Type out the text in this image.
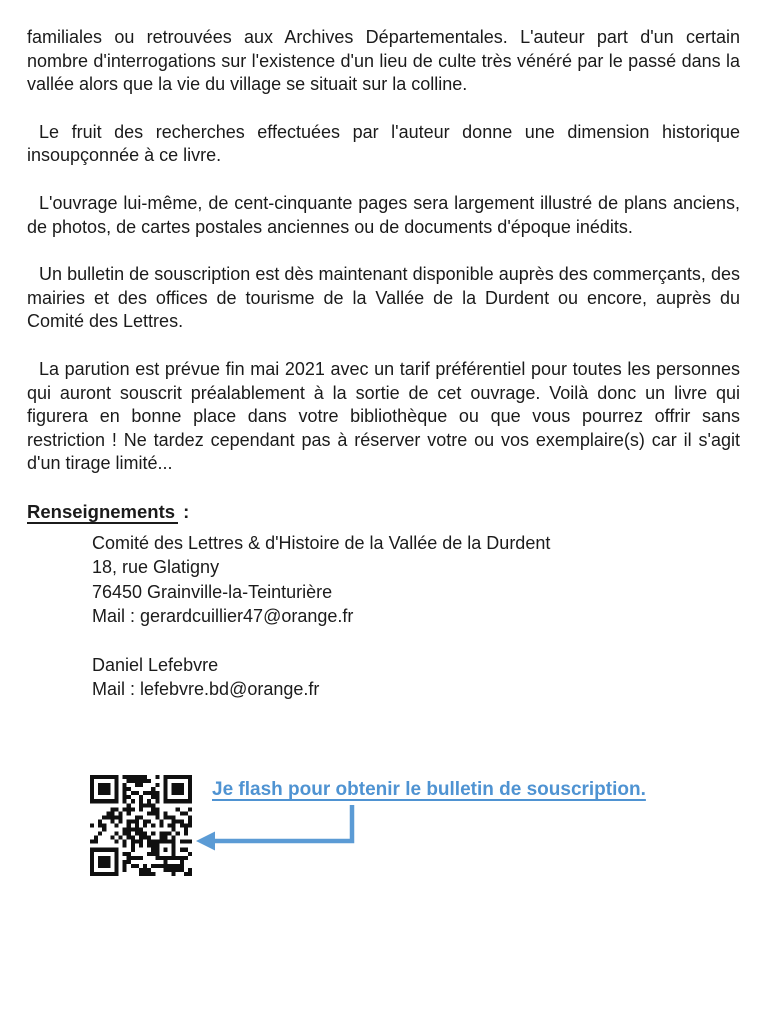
familiales ou retrouvées aux Archives Départementales. L'auteur part d'un certain nombre d'interrogations sur l'existence d'un lieu de culte très vénéré par le passé dans la vallée alors que la vie du village se situait sur la colline.

Le fruit des recherches effectuées par l'auteur donne une dimension historique insoupçonnée à ce livre.

L'ouvrage lui-même, de cent-cinquante pages sera largement illustré de plans anciens, de photos, de cartes postales anciennes ou de documents d'époque inédits.

Un bulletin de souscription est dès maintenant disponible auprès des commerçants, des mairies et des offices de tourisme de la Vallée de la Durdent ou encore, auprès du Comité des Lettres.

La parution est prévue fin mai 2021 avec un tarif préférentiel pour toutes les personnes qui auront souscrit préalablement à la sortie de cet ouvrage. Voilà donc un livre qui figurera en bonne place dans votre bibliothèque ou que vous pourrez offrir sans restriction ! Ne tardez cependant pas à réserver votre ou vos exemplaire(s) car il s'agit d'un tirage limité...

Renseignements :

Comité des Lettres & d'Histoire de la Vallée de la Durdent

18, rue Glatigny

76450 Grainville-la-Teinturière

Mail : gerardcuillier47@orange.fr

Daniel Lefebvre

Mail : lefebvre.bd@orange.fr

Je flash pour obtenir le bulletin de souscription.
